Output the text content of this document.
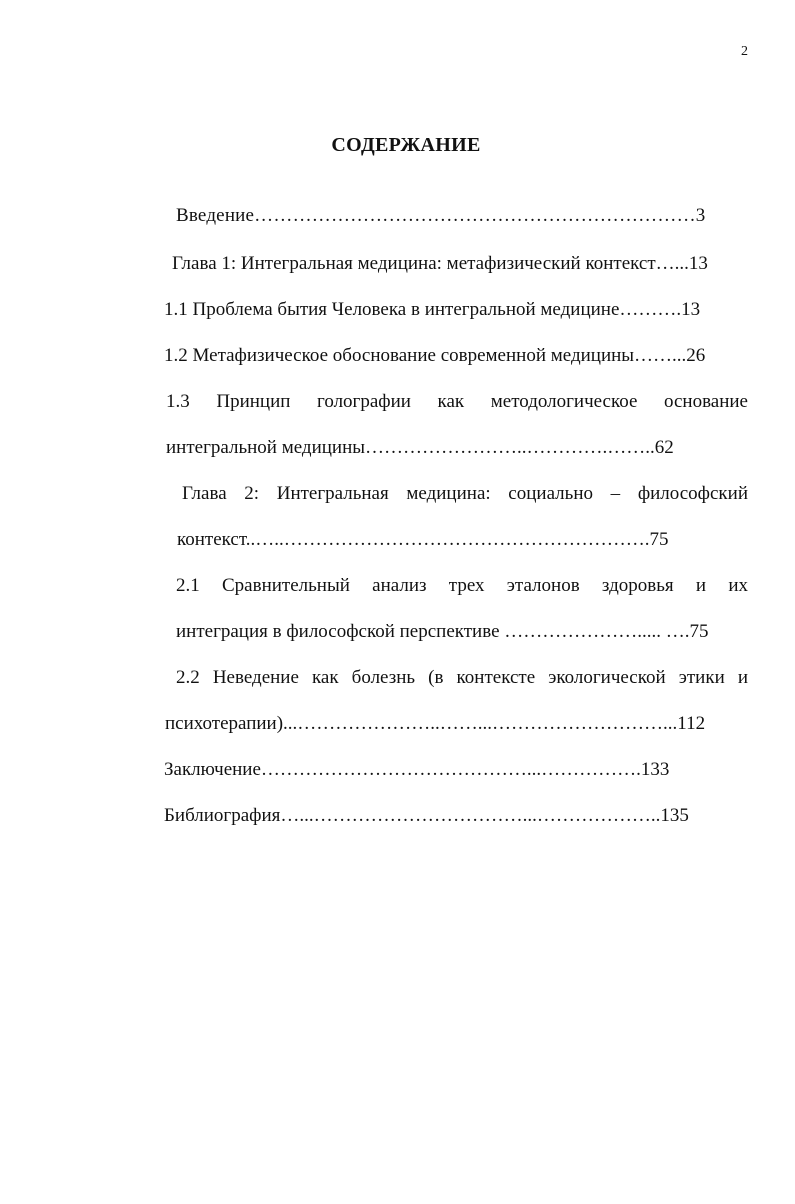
2
СОДЕРЖАНИЕ
Введение……………………………………………………………3
Глава 1: Интегральная медицина: метафизический контекст…...13
1.1 Проблема бытия Человека в интегральной медицине……….13
1.2 Метафизическое обоснование современной медицины……...26
1.3 Принцип голографии как методологическое основание
интегральной медицины……………………..………….……..62
Глава 2: Интегральная медицина: социально – философский
контекст..…..………………………………………………….75
2.1 Сравнительный анализ трех эталонов здоровья и их
интеграция в философской перспективе …………………..... ….75
2.2 Неведение как болезнь (в контексте экологической этики и
психотерапии)...…………………..……...………………………...112
Заключение……………………………………...…………….133
Библиография…...……………………………...………………..135
